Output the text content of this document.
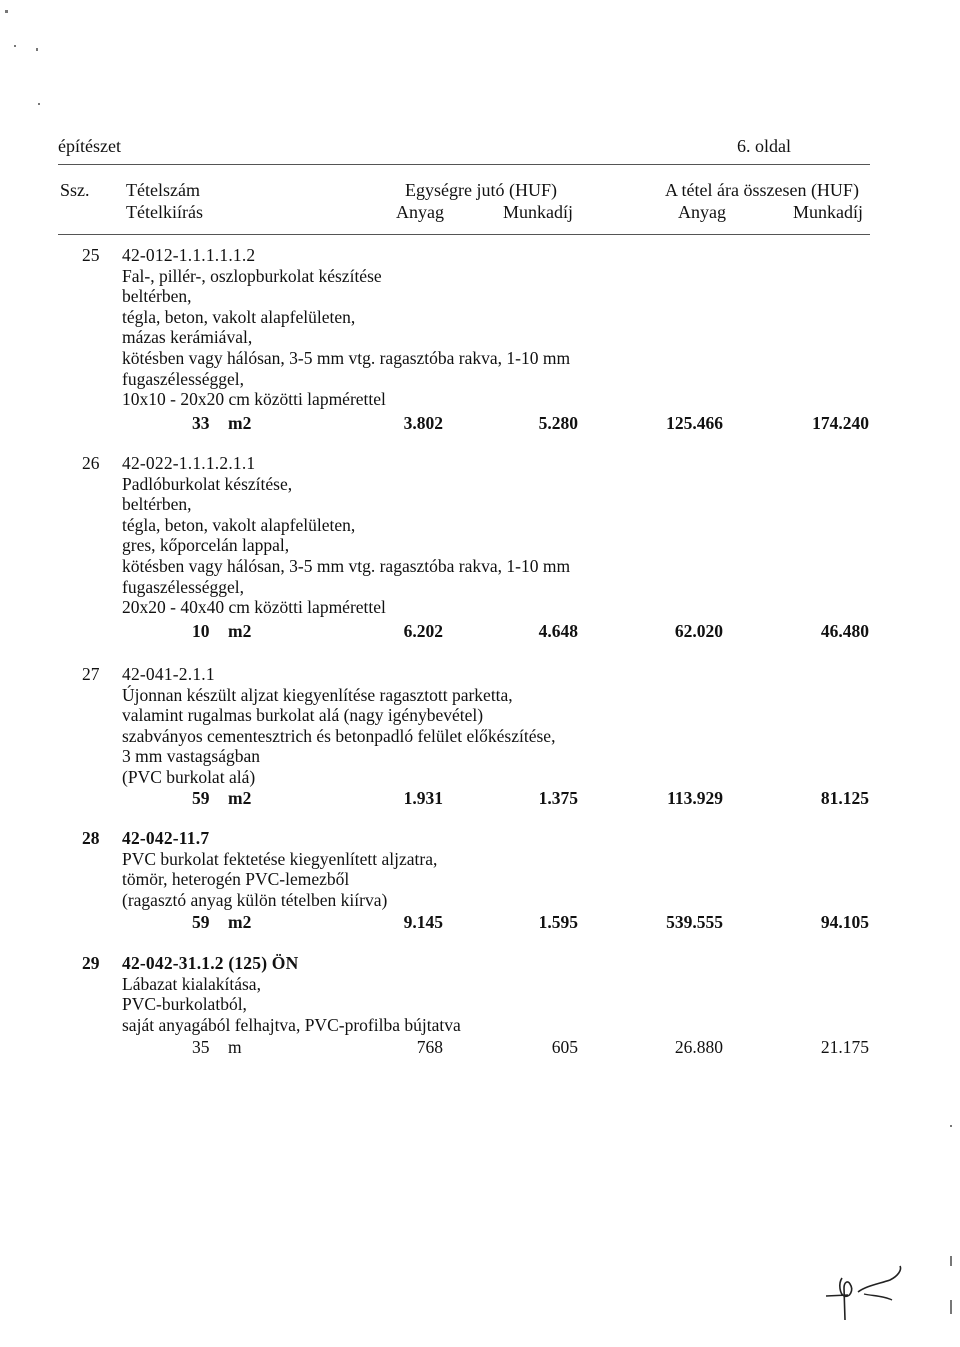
építészet	6. oldal
Ssz. Tételszám
Tételkiírás
Egységre jutó (HUF)	A tétel ára összesen (HUF)
Anyag	Munkadíj	Anyag	Munkadíj
25 42-012-1.1.1.1.1.2
Fal-, pillér-, oszlopburkolat készítése
beltérben,
tégla, beton, vakolt alapfelületen,
mázas kerámiával,
kötésben vagy hálósan, 3-5 mm vtg. ragasztóba rakva, 1-10 mm
fugaszélességgel,
10x10 - 20x20 cm közötti lapmérettel
33 m2	3.802	5.280	125.466	174.240
26 42-022-1.1.1.2.1.1
Padlóburkolat készítése,
beltérben,
tégla, beton, vakolt alapfelületen,
gres, kőporcelán lappal,
kötésben vagy hálósan, 3-5 mm vtg. ragasztóba rakva, 1-10 mm
fugaszélességgel,
20x20 - 40x40 cm közötti lapmérettel
10 m2	6.202	4.648	62.020	46.480
27 42-041-2.1.1
Újonnan készült aljzat kiegyenlítése ragasztott parketta,
valamint rugalmas burkolat alá (nagy igénybevétel)
szabványos cementesztrich és betonpadló felület előkészítése,
3 mm vastagságban
(PVC burkolat alá)
59 m2	1.931	1.375	113.929	81.125
28 42-042-11.7
PVC burkolat fektetése kiegyenlített aljzatra,
tömör, heterogén PVC-lemezből
(ragasztó anyag külön tételben kiírva)
59 m2	9.145	1.595	539.555	94.105
29 42-042-31.1.2 (125) ÖN
Lábazat kialakítása,
PVC-burkolatból,
saját anyagából felhajtva, PVC-profilba bújtatva
35 m	768	605	26.880	21.175
